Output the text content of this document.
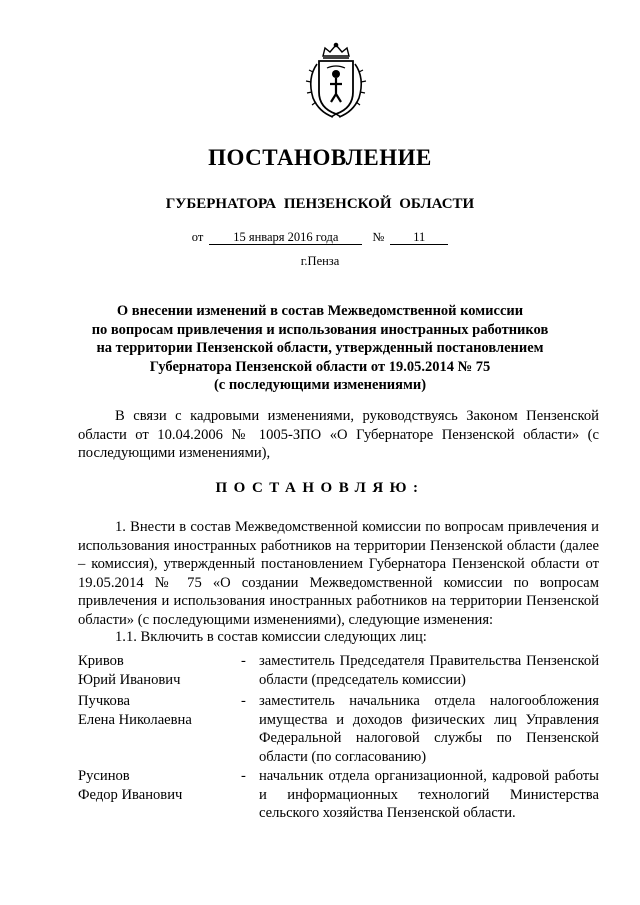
ПОСТАНОВЛЕНИЕ
ГУБЕРНАТОРА ПЕНЗЕНСКОЙ ОБЛАСТИ
от 15 января 2016 года	№ 11
г.Пенза
О внесении изменений в состав Межведомственной комиссии
по вопросам привлечения и использования иностранных работников
на территории Пензенской области, утвержденный постановлением
Губернатора Пензенской области от 19.05.2014 № 75
(с последующими изменениями)

В связи с кадровыми изменениями, руководствуясь Законом Пензенской области от 10.04.2006 № 1005-ЗПО «О Губернаторе Пензенской области» (с последующими изменениями),

ПОСТАНОВЛЯЮ:

1. Внести в состав Межведомственной комиссии по вопросам привлечения и использования иностранных работников на территории Пензенской области (далее – комиссия), утвержденный постановлением Губернатора Пензенской области от 19.05.2014 № 75 «О создании Межведомственной комиссии по вопросам привлечения и использования иностранных работников на территории Пензенской области» (с последующими изменениями), следующие изменения:

1.1. Включить в состав комиссии следующих лиц:

Кривов
Юрий Иванович
- заместитель Председателя Правительства Пензенской области (председатель комиссии)
Пучкова
Елена Николаевна
- заместитель начальника отдела налогообложения имущества и доходов физических лиц Управления Федеральной налоговой службы по Пензенской области (по согласованию)
Русинов
Федор Иванович
- начальник отдела организационной, кадровой работы и информационных технологий Министерства сельского хозяйства Пензенской области.
